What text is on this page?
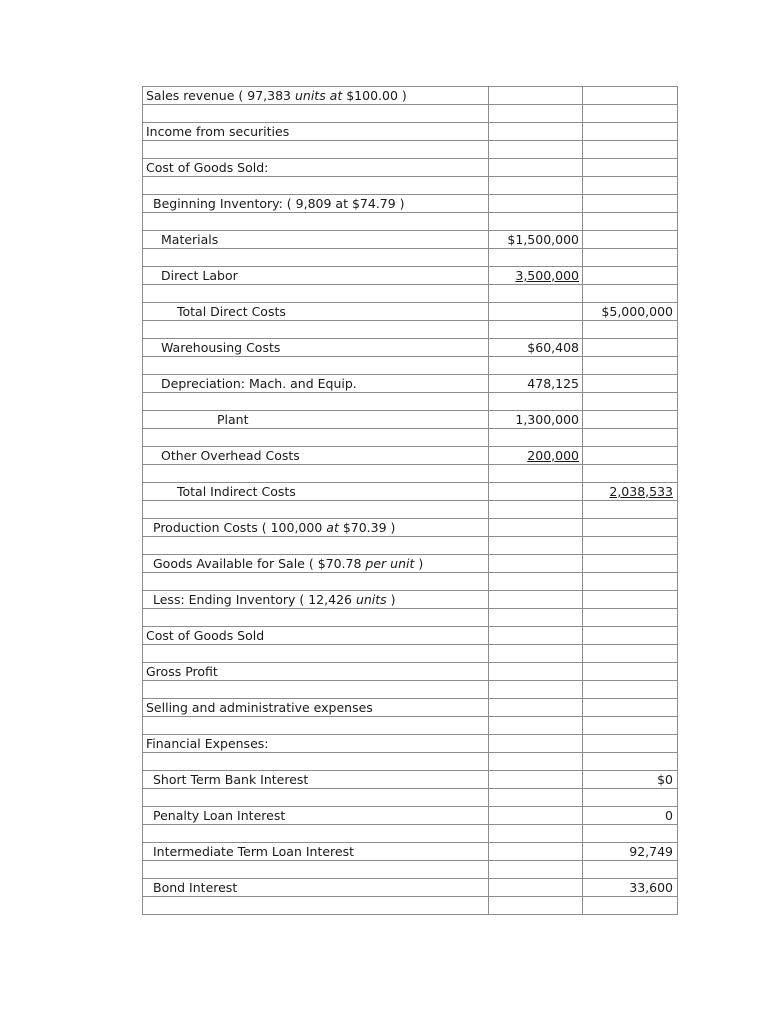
Sales revenue ( 97,383 units at $100.00 )		

Income from securities		

Cost of Goods Sold:		

Beginning Inventory: ( 9,809 at $74.79 )		

Materials	$1,500,000	

Direct Labor	3,500,000	

Total Direct Costs		$5,000,000

Warehousing Costs	$60,408	

Depreciation: Mach. and Equip.	478,125	

Plant	1,300,000	

Other Overhead Costs	200,000	

Total Indirect Costs		2,038,533

Production Costs ( 100,000 at $70.39 )		

Goods Available for Sale ( $70.78 per unit )		

Less: Ending Inventory ( 12,426 units )		

Cost of Goods Sold		

Gross Profit		

Selling and administrative expenses		

Financial Expenses:		

Short Term Bank Interest		$0

Penalty Loan Interest		0

Intermediate Term Loan Interest		92,749

Bond Interest		33,600
